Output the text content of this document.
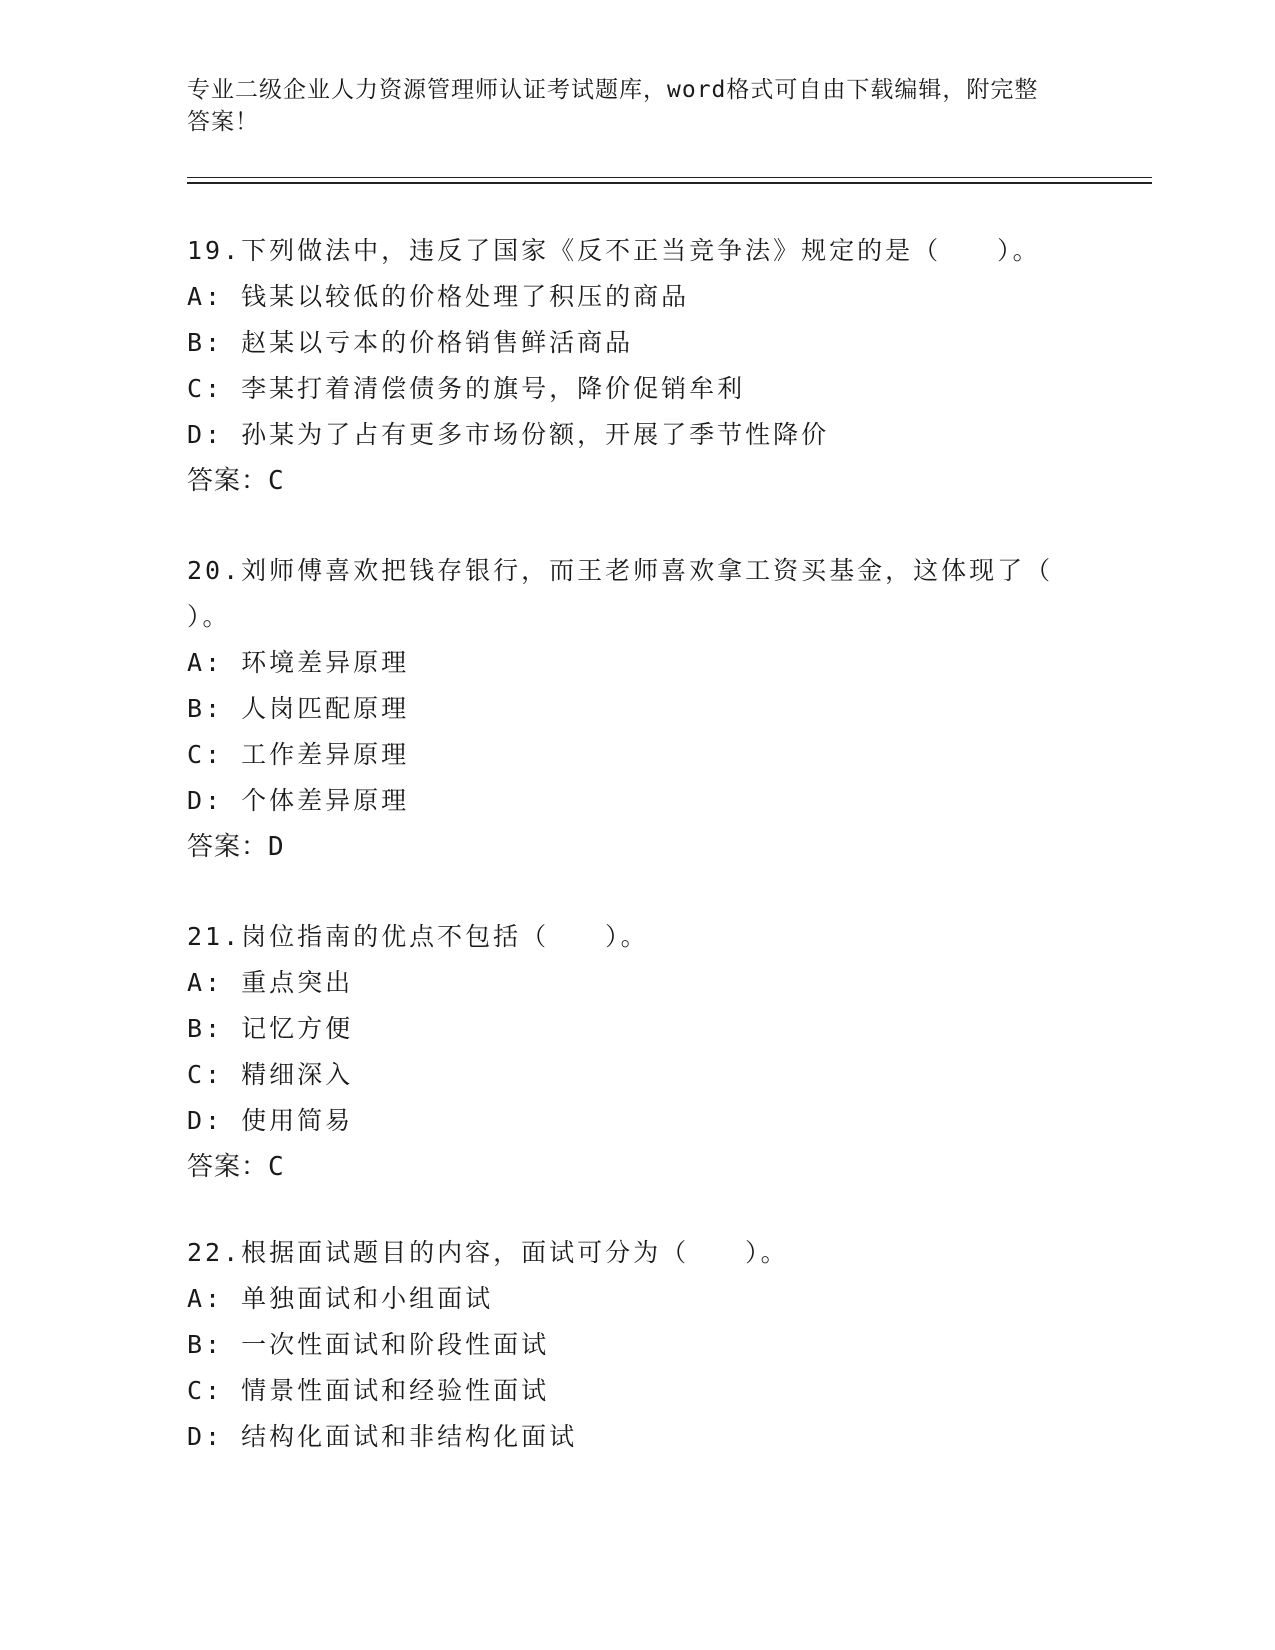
专业二级企业人力资源管理师认证考试题库，word格式可自由下载编辑，附完整
答案！

19.下列做法中，违反了国家《反不正当竞争法》规定的是（　　）。

A: 钱某以较低的价格处理了积压的商品

B: 赵某以亏本的价格销售鲜活商品

C: 李某打着清偿债务的旗号，降价促销牟利

D: 孙某为了占有更多市场份额，开展了季节性降价

答案：C

20.刘师傅喜欢把钱存银行，而王老师喜欢拿工资买基金，这体现了（

）。

A: 环境差异原理

B: 人岗匹配原理

C: 工作差异原理

D: 个体差异原理

答案：D

21.岗位指南的优点不包括（　　）。

A: 重点突出

B: 记忆方便

C: 精细深入

D: 使用简易

答案：C

22.根据面试题目的内容，面试可分为（　　）。

A: 单独面试和小组面试

B: 一次性面试和阶段性面试

C: 情景性面试和经验性面试

D: 结构化面试和非结构化面试
